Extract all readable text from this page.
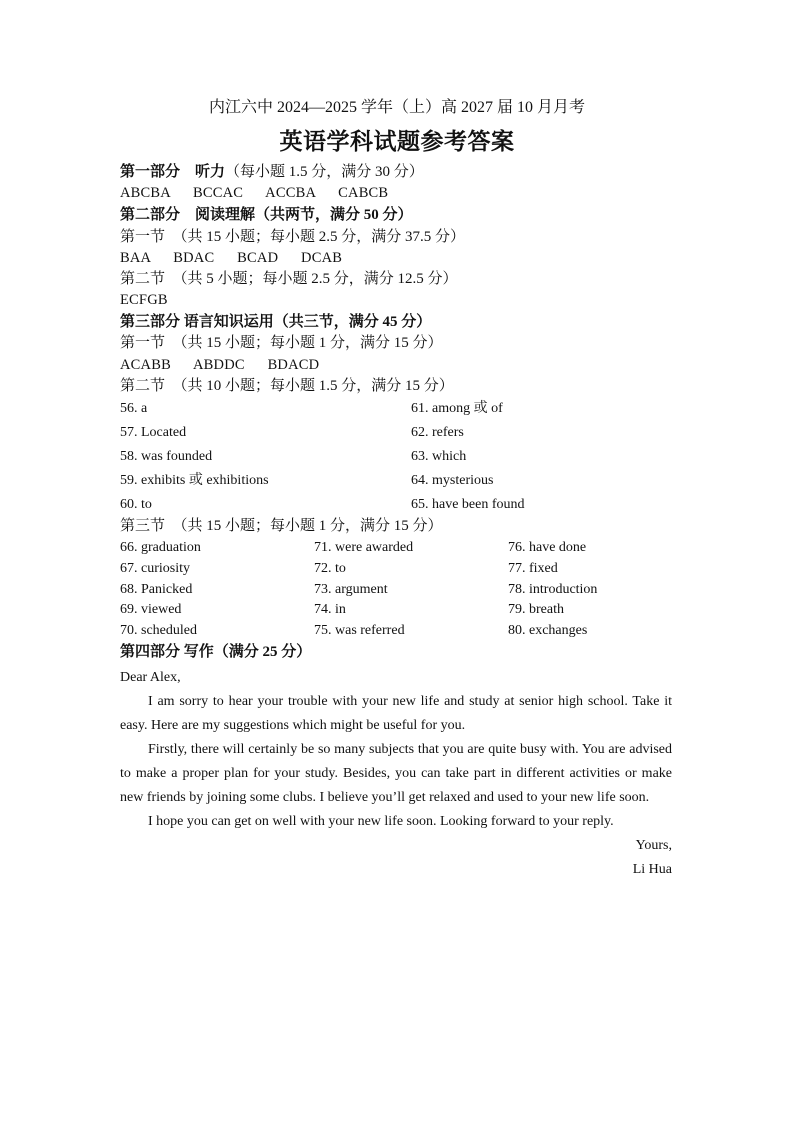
内江六中 2024—2025 学年（上）高 2027 届 10 月月考
英语学科试题参考答案
第一部分　听力（每小题 1.5 分，满分 30 分）
ABCBA BCCAC ACCBA CABCB
第二部分　阅读理解（共两节，满分 50 分）
第一节　（共 15 小题；每小题 2.5 分，满分 37.5 分）
BAA BDAC BCAD DCAB
第二节　（共 5 小题；每小题 2.5 分，满分 12.5 分）
ECFGB
第三部分 语言知识运用（共三节，满分 45 分）
第一节　（共 15 小题；每小题 1 分，满分 15 分）
ACABB ABDDC BDACD
第二节　（共 10 小题；每小题 1.5 分，满分 15 分）
56. a
57. Located
58. was founded
59. exhibits 或 exhibitions
60. to
61. among 或 of
62. refers
63. which
64. mysterious
65. have been found
第三节　（共 15 小题；每小题 1 分，满分 15 分）
66. graduation
67. curiosity
68. Panicked
69. viewed
70. scheduled
71. were awarded
72. to
73. argument
74. in
75. was referred
76. have done
77. fixed
78. introduction
79. breath
80. exchanges
第四部分 写作（满分 25 分）
Dear Alex,

I am sorry to hear your trouble with your new life and study at senior high school. Take it easy. Here are my suggestions which might be useful for you.

Firstly, there will certainly be so many subjects that you are quite busy with. You are advised to make a proper plan for your study. Besides, you can take part in different activities or make new friends by joining some clubs. I believe you’ll get relaxed and used to your new life soon.

I hope you can get on well with your new life soon. Looking forward to your reply.

Yours,
Li Hua
